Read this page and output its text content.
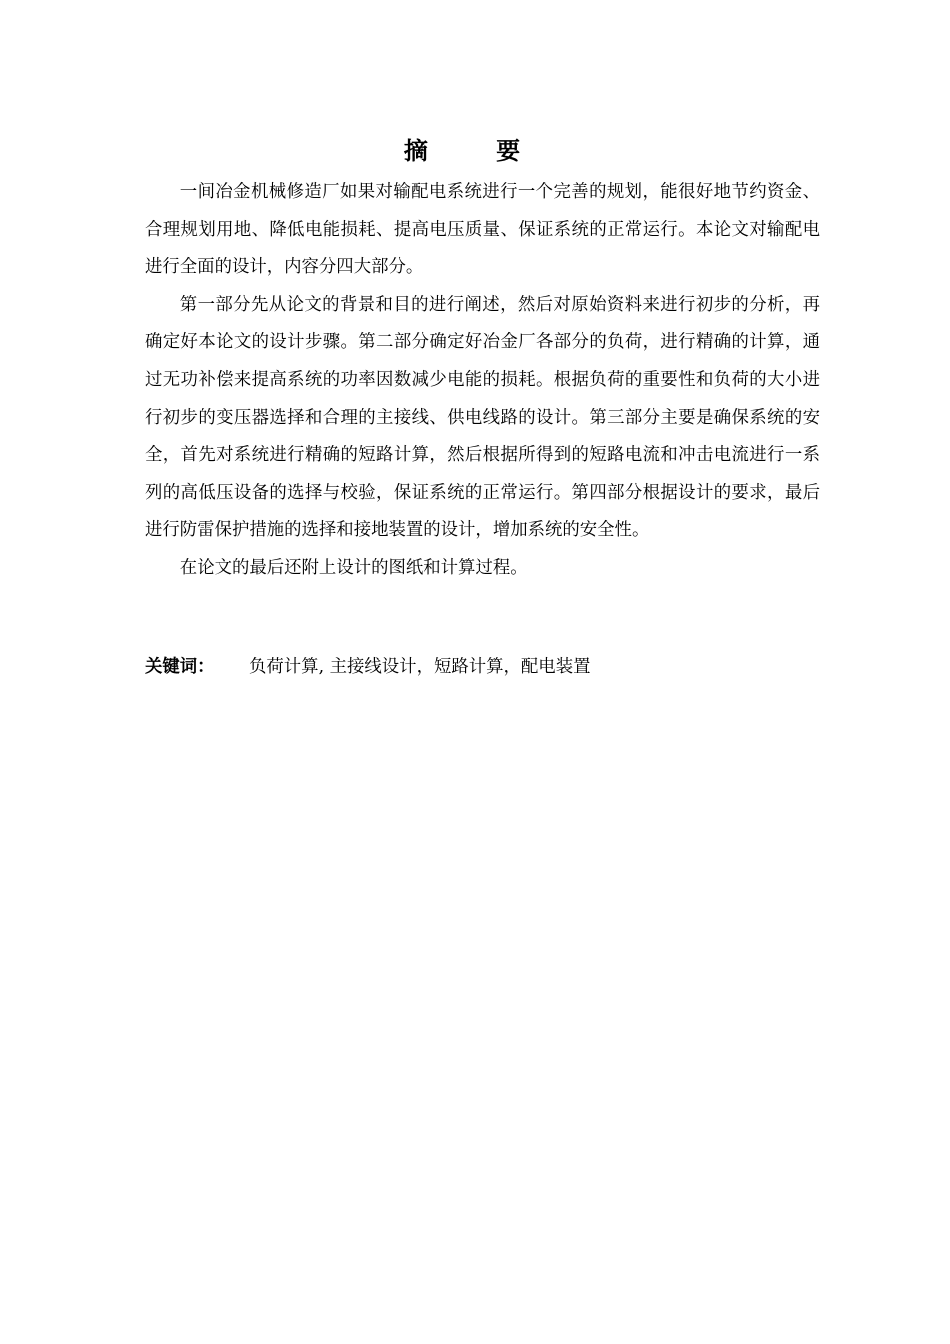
摘 要

一间冶金机械修造厂如果对输配电系统进行一个完善的规划，能很好地节约资金、合理规划用地、降低电能损耗、提高电压质量、保证系统的正常运行。本论文对输配电进行全面的设计，内容分四大部分。

第一部分先从论文的背景和目的进行阐述，然后对原始资料来进行初步的分析，再确定好本论文的设计步骤。第二部分确定好冶金厂各部分的负荷，进行精确的计算，通过无功补偿来提高系统的功率因数减少电能的损耗。根据负荷的重要性和负荷的大小进行初步的变压器选择和合理的主接线、供电线路的设计。第三部分主要是确保系统的安全，首先对系统进行精确的短路计算，然后根据所得到的短路电流和冲击电流进行一系列的高低压设备的选择与校验，保证系统的正常运行。第四部分根据设计的要求，最后进行防雷保护措施的选择和接地装置的设计，增加系统的安全性。

在论文的最后还附上设计的图纸和计算过程。

关键词： 负荷计算, 主接线设计，短路计算，配电装置
